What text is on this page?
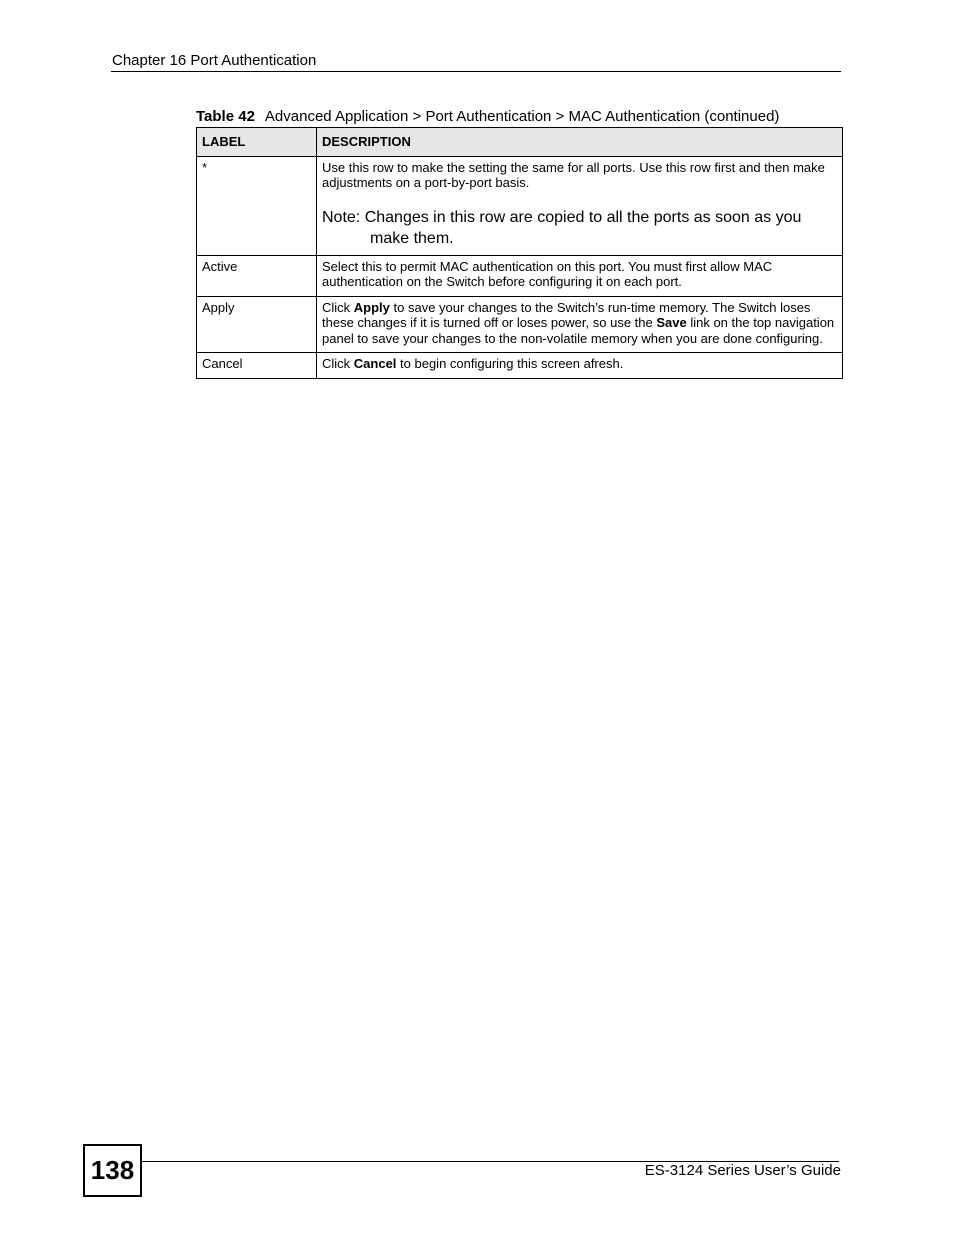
Chapter 16 Port Authentication
Table 42 Advanced Application > Port Authentication > MAC Authentication (continued)
LABEL	DESCRIPTION
*	Use this row to make the setting the same for all ports. Use this row first and then make adjustments on a port-by-port basis.
Note: Changes in this row are copied to all the ports as soon as you make them.

Active	Select this to permit MAC authentication on this port. You must first allow MAC authentication on the Switch before configuring it on each port.
Apply	Click Apply to save your changes to the Switch’s run-time memory. The Switch loses these changes if it is turned off or loses power, so use the Save link on the top navigation panel to save your changes to the non-volatile memory when you are done configuring.
Cancel	Click Cancel to begin configuring this screen afresh.
138	ES-3124 Series User’s Guide
